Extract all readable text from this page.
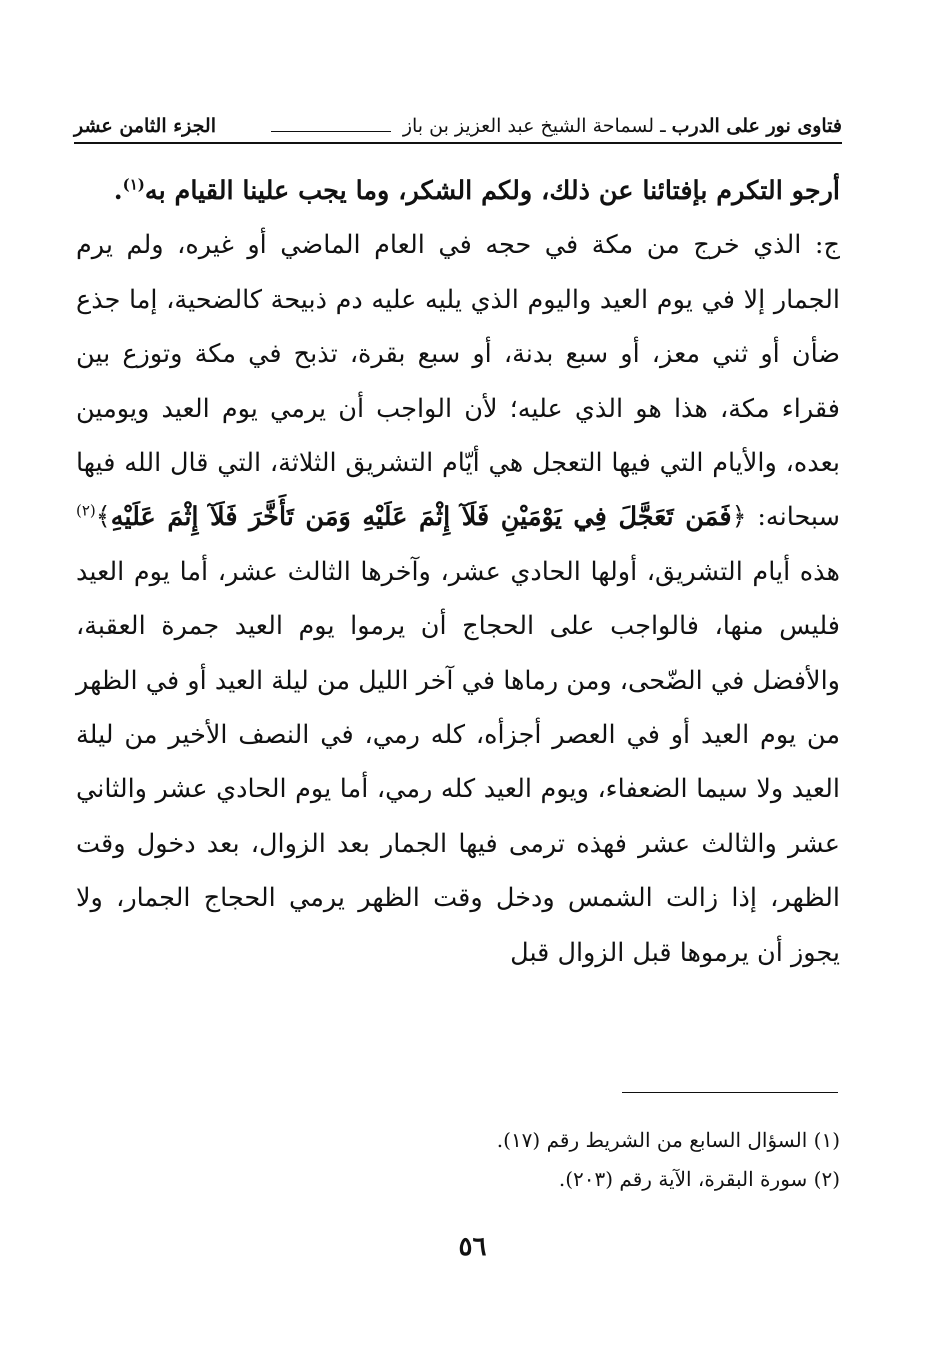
فتاوى نور على الدرب
ـ لسماحة الشيخ عبد العزيز بن باز
الجزء الثامن عشر

أرجو التكرم بإفتائنا عن ذلك، ولكم الشكر، وما يجب علينا القيام به$^{(١)}$.

ج: الذي خرج من مكة في حجه في العام الماضي أو غيره، ولم يرم الجمار إلا في يوم العيد واليوم الذي يليه عليه دم ذبيحة كالضحية، إما جذع ضأن أو ثني معز، أو سبع بدنة، أو سبع بقرة، تذبح في مكة وتوزع بين فقراء مكة، هذا هو الذي عليه؛ لأن الواجب أن يرمي يوم العيد ويومين بعده، والأيام التي فيها التعجل هي أيّام التشريق الثلاثة، التي قال الله فيها سبحانه: ﴿فَمَن تَعَجَّلَ فِي يَوْمَيْنِ فَلَآ إِثْمَ عَلَيْهِ وَمَن تَأَخَّرَ فَلَآ إِثْمَ عَلَيْهِ﴾$^{(٢)}$ هذه أيام التشريق، أولها الحادي عشر، وآخرها الثالث عشر، أما يوم العيد فليس منها، فالواجب على الحجاج أن يرموا يوم العيد جمرة العقبة، والأفضل في الضّحى، ومن رماها في آخر الليل من ليلة العيد أو في الظهر من يوم العيد أو في العصر أجزأه، كله رمي، في النصف الأخير من ليلة العيد ولا سيما الضعفاء، ويوم العيد كله رمي، أما يوم الحادي عشر والثاني عشر والثالث عشر فهذه ترمى فيها الجمار بعد الزوال، بعد دخول وقت الظهر، إذا زالت الشمس ودخل وقت الظهر يرمي الحجاج الجمار، ولا يجوز أن يرموها قبل الزوال قبل

(١) السؤال السابع من الشريط رقم (١٧).
(٢) سورة البقرة، الآية رقم (٢٠٣).
٥٦
